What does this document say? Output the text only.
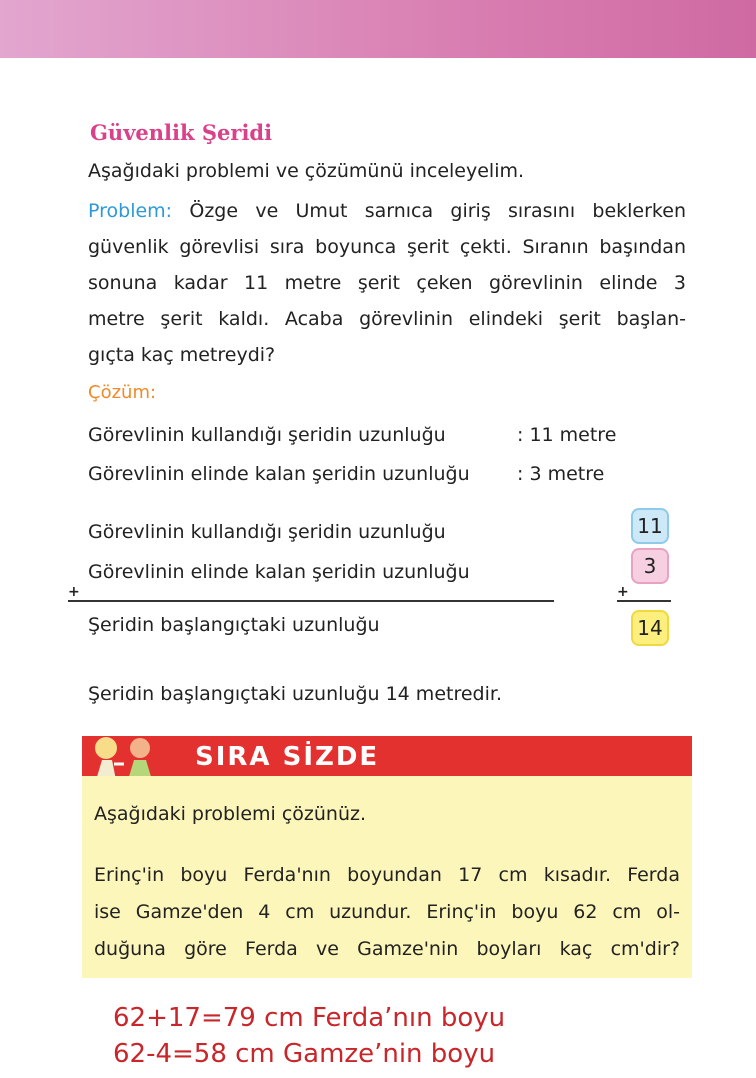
Güvenlik Şeridi
Aşağıdaki problemi ve çözümünü inceleyelim.
Problem: Özge ve Umut sarnıca giriş sırasını beklerken
güvenlik görevlisi sıra boyunca şerit çekti. Sıranın başından
sonuna kadar 11 metre şerit çeken görevlinin elinde 3
metre şerit kaldı. Acaba görevlinin elindeki şerit başlan-
gıçta kaç metreydi?
Çözüm:
Görevlinin kullandığı şeridin uzunluğu	: 11 metre
Görevlinin elinde kalan şeridin uzunluğu : 3 metre
Görevlinin kullandığı şeridin uzunluğu
Görevlinin elinde kalan şeridin uzunluğu
+
Şeridin başlangıçtaki uzunluğu
11
3
+
14
Şeridin başlangıçtaki uzunluğu 14 metredir.
SIRA SİZDE
Aşağıdaki problemi çözünüz.
Erinç'in boyu Ferda'nın boyundan 17 cm kısadır. Ferda
ise Gamze'den 4 cm uzundur. Erinç'in boyu 62 cm ol-
duğuna göre Ferda ve Gamze'nin boyları kaç cm'dir?
62+17=79 cm Ferda’nın boyu
62-4=58 cm Gamze’nin boyu
